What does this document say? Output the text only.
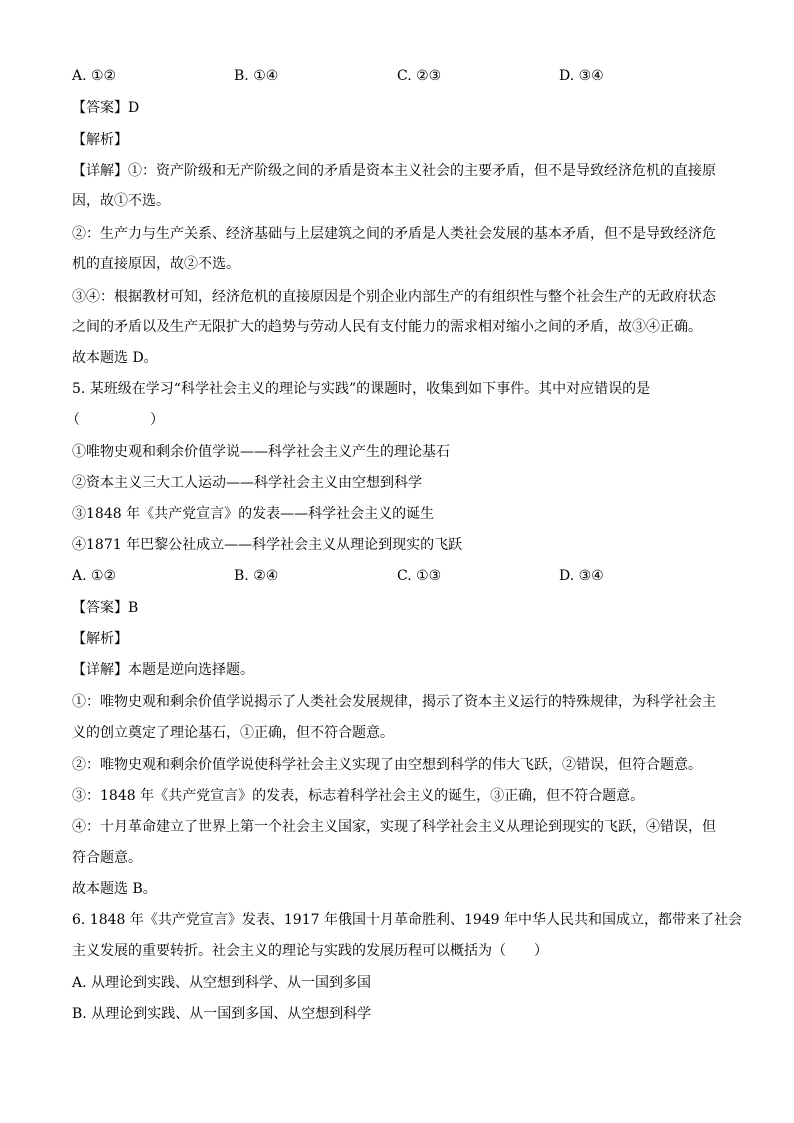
A. ①②	B. ①④	C. ②③	D. ③④
【答案】D
【解析】
【详解】①：资产阶级和无产阶级之间的矛盾是资本主义社会的主要矛盾，但不是导致经济危机的直接原
因，故①不选。
②：生产力与生产关系、经济基础与上层建筑之间的矛盾是人类社会发展的基本矛盾，但不是导致经济危
机的直接原因，故②不选。
③④：根据教材可知，经济危机的直接原因是个别企业内部生产的有组织性与整个社会生产的无政府状态
之间的矛盾以及生产无限扩大的趋势与劳动人民有支付能力的需求相对缩小之间的矛盾，故③④正确。
故本题选 D。
5. 某班级在学习“科学社会主义的理论与实践”的课题时，收集到如下事件。其中对应错误的是
（　　　　　）
①唯物史观和剩余价值学说——科学社会主义产生的理论基石
②资本主义三大工人运动——科学社会主义由空想到科学
③1848 年《共产党宣言》的发表——科学社会主义的诞生
④1871 年巴黎公社成立——科学社会主义从理论到现实的飞跃
A. ①②	B. ②④	C. ①③	D. ③④
【答案】B
【解析】
【详解】本题是逆向选择题。
①：唯物史观和剩余价值学说揭示了人类社会发展规律，揭示了资本主义运行的特殊规律，为科学社会主
义的创立奠定了理论基石，①正确，但不符合题意。
②：唯物史观和剩余价值学说使科学社会主义实现了由空想到科学的伟大飞跃，②错误，但符合题意。
③：1848 年《共产党宣言》的发表，标志着科学社会主义的诞生，③正确，但不符合题意。
④：十月革命建立了世界上第一个社会主义国家，实现了科学社会主义从理论到现实的飞跃，④错误，但
符合题意。
故本题选 B。
6. 1848 年《共产党宣言》发表、1917 年俄国十月革命胜利、1949 年中华人民共和国成立，都带来了社会
主义发展的重要转折。社会主义的理论与实践的发展历程可以概括为（　　）
A. 从理论到实践、从空想到科学、从一国到多国
B. 从理论到实践、从一国到多国、从空想到科学
